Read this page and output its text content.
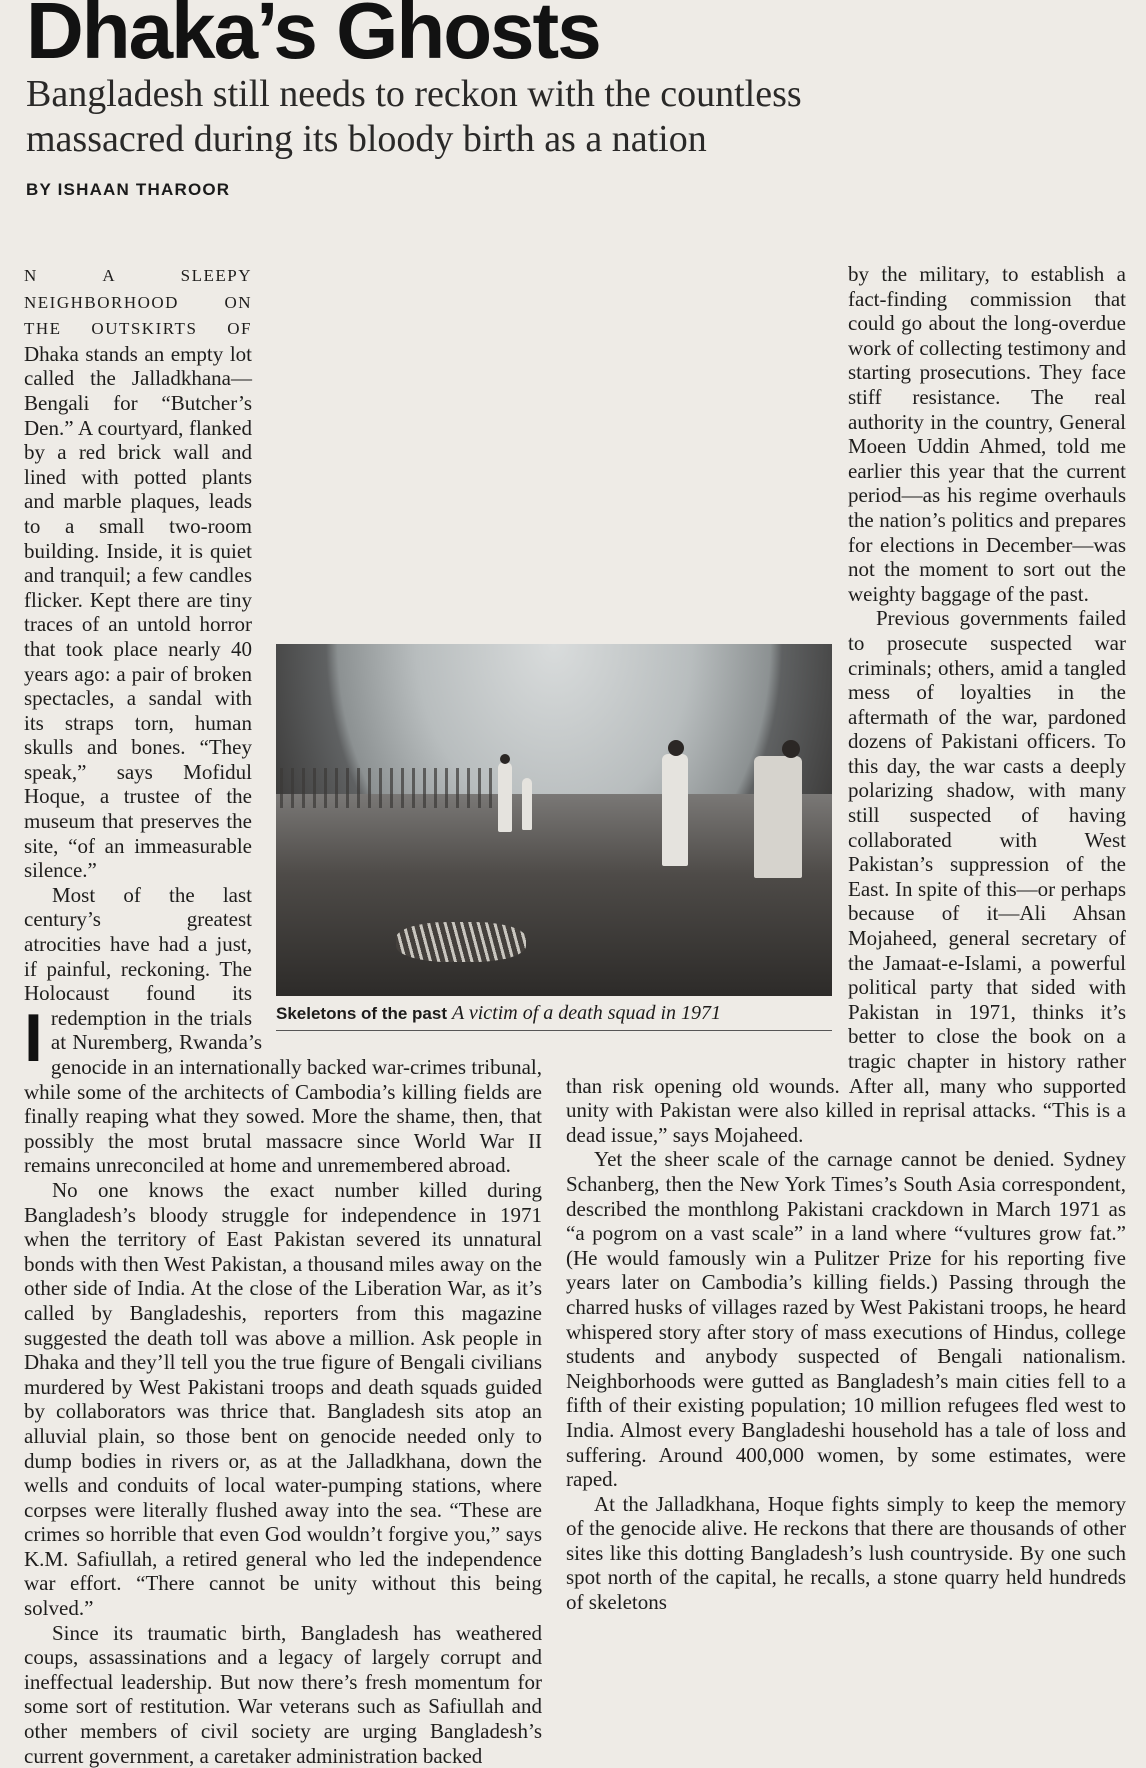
Dhaka’s Ghosts

Bangladesh still needs to reckon with the countless massacred during its bloody birth as a nation

BY ISHAAN THAROOR

I
N A SLEEPY NEIGHBORHOOD ON THE OUTSKIRTS OF Dhaka stands an empty lot called the Jalladkhana—Bengali for “Butcher’s Den.” A courtyard, flanked by a red brick wall and lined with potted plants and marble plaques, leads to a small two-room building. Inside, it is quiet and tranquil; a few candles flicker. Kept there are tiny traces of an untold horror that took place nearly 40 years ago: a pair of broken spectacles, a sandal with its straps torn, human skulls and bones. “They speak,” says Mofidul Hoque, a trustee of the museum that preserves the site, “of an immeasurable silence.”

Most of the last century’s greatest atrocities have had a just, if painful, reckoning. The Holocaust found its redemption in the trials at Nuremberg, Rwanda’s genocide in an internationally backed war-crimes tribunal, while some of the architects of Cambodia’s killing fields are finally reaping what they sowed. More the shame, then, that possibly the most brutal massacre since World War II remains unreconciled at home and unremembered abroad.

No one knows the exact number killed during Bangladesh’s bloody struggle for independence in 1971 when the territory of East Pakistan severed its unnatural bonds with then West Pakistan, a thousand miles away on the other side of India. At the close of the Liberation War, as it’s called by Bangladeshis, reporters from this magazine suggested the death toll was above a million. Ask people in Dhaka and they’ll tell you the true figure of Bengali civilians murdered by West Pakistani troops and death squads guided by collaborators was thrice that. Bangladesh sits atop an alluvial plain, so those bent on genocide needed only to dump bodies in rivers or, as at the Jalladkhana, down the wells and conduits of local water-pumping stations, where corpses were literally flushed away into the sea. “These are crimes so horrible that even God wouldn’t forgive you,” says K.M. Safiullah, a retired general who led the independence war effort. “There cannot be unity without this being solved.”

Since its traumatic birth, Bangladesh has weathered coups, assassinations and a legacy of largely corrupt and ineffectual leadership. But now there’s fresh momentum for some sort of restitution. War veterans such as Safiullah and other members of civil society are urging Bangladesh’s current government, a caretaker administration backed

by the military, to establish a fact-finding commission that could go about the long-overdue work of collecting testimony and starting prosecutions. They face stiff resistance. The real authority in the country, General Moeen Uddin Ahmed, told me earlier this year that the current period—as his regime overhauls the nation’s politics and prepares for elections in December—was not the moment to sort out the weighty baggage of the past.

Previous governments failed to prosecute suspected war criminals; others, amid a tangled mess of loyalties in the aftermath of the war, pardoned dozens of Pakistani officers. To this day, the war casts a deeply polarizing shadow, with many still suspected of having collaborated with West Pakistan’s suppression of the East. In spite of this—or perhaps because of it—Ali Ahsan Mojaheed, general secretary of the Jamaat-e-Islami, a powerful political party that sided with Pakistan in 1971, thinks it’s better to close the book on a tragic chapter in history rather than risk opening old wounds. After all, many who supported unity with Pakistan were also killed in reprisal attacks. “This is a dead issue,” says Mojaheed.

Yet the sheer scale of the carnage cannot be denied. Sydney Schanberg, then the New York Times’s South Asia correspondent, described the monthlong Pakistani crackdown in March 1971 as “a pogrom on a vast scale” in a land where “vultures grow fat.” (He would famously win a Pulitzer Prize for his reporting five years later on Cambodia’s killing fields.) Passing through the charred husks of villages razed by West Pakistani troops, he heard whispered story after story of mass executions of Hindus, college students and anybody suspected of Bengali nationalism. Neighborhoods were gutted as Bangladesh’s main cities fell to a fifth of their existing population; 10 million refugees fled west to India. Almost every Bangladeshi household has a tale of loss and suffering. Around 400,000 women, by some estimates, were raped.

At the Jalladkhana, Hoque fights simply to keep the memory of the genocide alive. He reckons that there are thousands of other sites like this dotting Bangladesh’s lush countryside. By one such spot north of the capital, he recalls, a stone quarry held hundreds of skeletons

Skeletons of the past A victim of a death squad in 1971
